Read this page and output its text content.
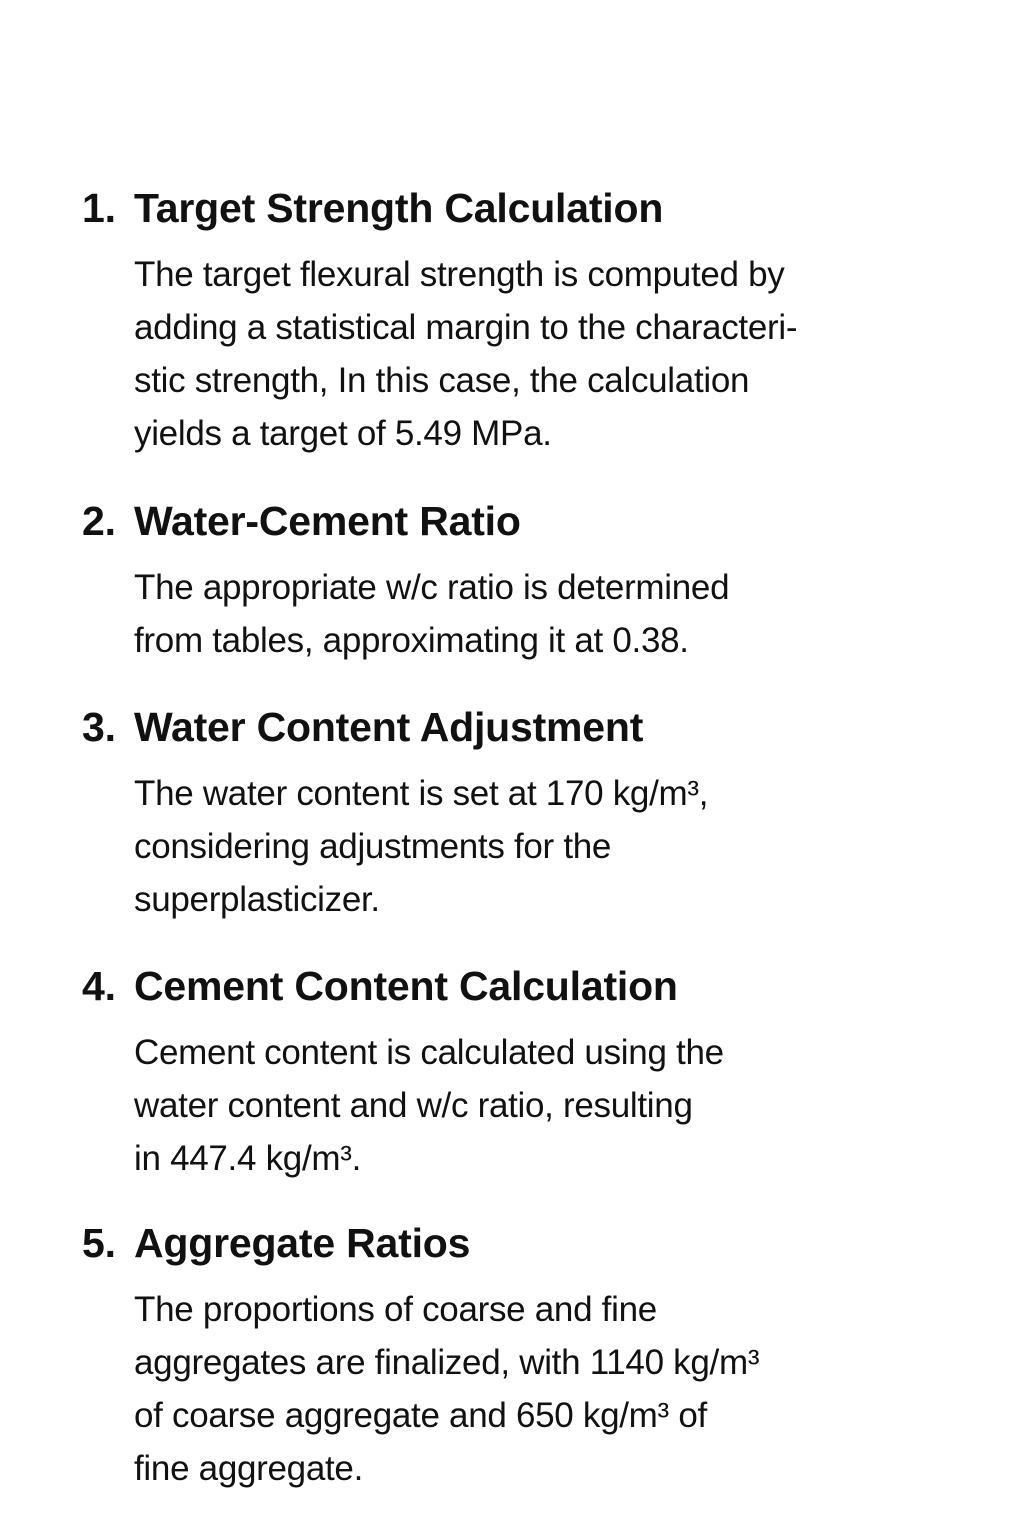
1. Target Strength Calculation

The target flexural strength is computed by
adding a statistical margin to the characteri-
stic strength, In this case, the calculation
yields a target of 5.49 MPa.

2. Water-Cement Ratio

The appropriate w/c ratio is determined
from tables, approximating it at 0.38.

3. Water Content Adjustment

The water content is set at 170 kg/m³,
considering adjustments for the
superplasticizer.

4. Cement Content Calculation

Cement content is calculated using the
water content and w/c ratio, resulting
in 447.4 kg/m³.

5. Aggregate Ratios

The proportions of coarse and fine
aggregates are finalized, with 1140 kg/m³
of coarse aggregate and 650 kg/m³ of
fine aggregate.
